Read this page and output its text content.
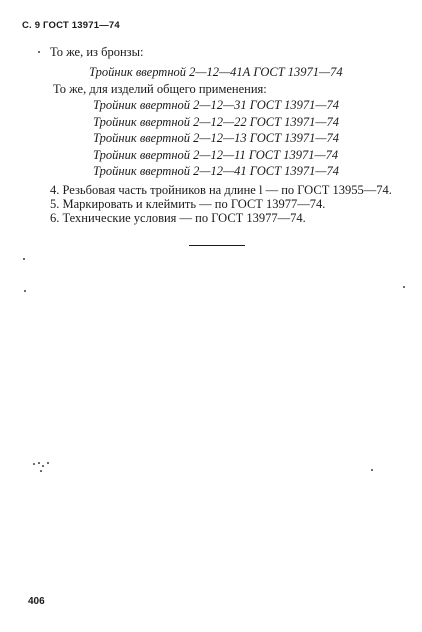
С. 9 ГОСТ 13971—74
То же, из бронзы:
Тройник ввертной 2—12—41А ГОСТ 13971—74
То же, для изделий общего применения:
Тройник ввертной 2—12—31 ГОСТ 13971—74
Тройник ввертной 2—12—22 ГОСТ 13971—74
Тройник ввертной 2—12—13 ГОСТ 13971—74
Тройник ввертной 2—12—11 ГОСТ 13971—74
Тройник ввертной 2—12—41 ГОСТ 13971—74
4. Резьбовая часть тройников на длине l — по ГОСТ 13955—74.
5. Маркировать и клеймить — по ГОСТ 13977—74.
6. Технические условия — по ГОСТ 13977—74.
406
